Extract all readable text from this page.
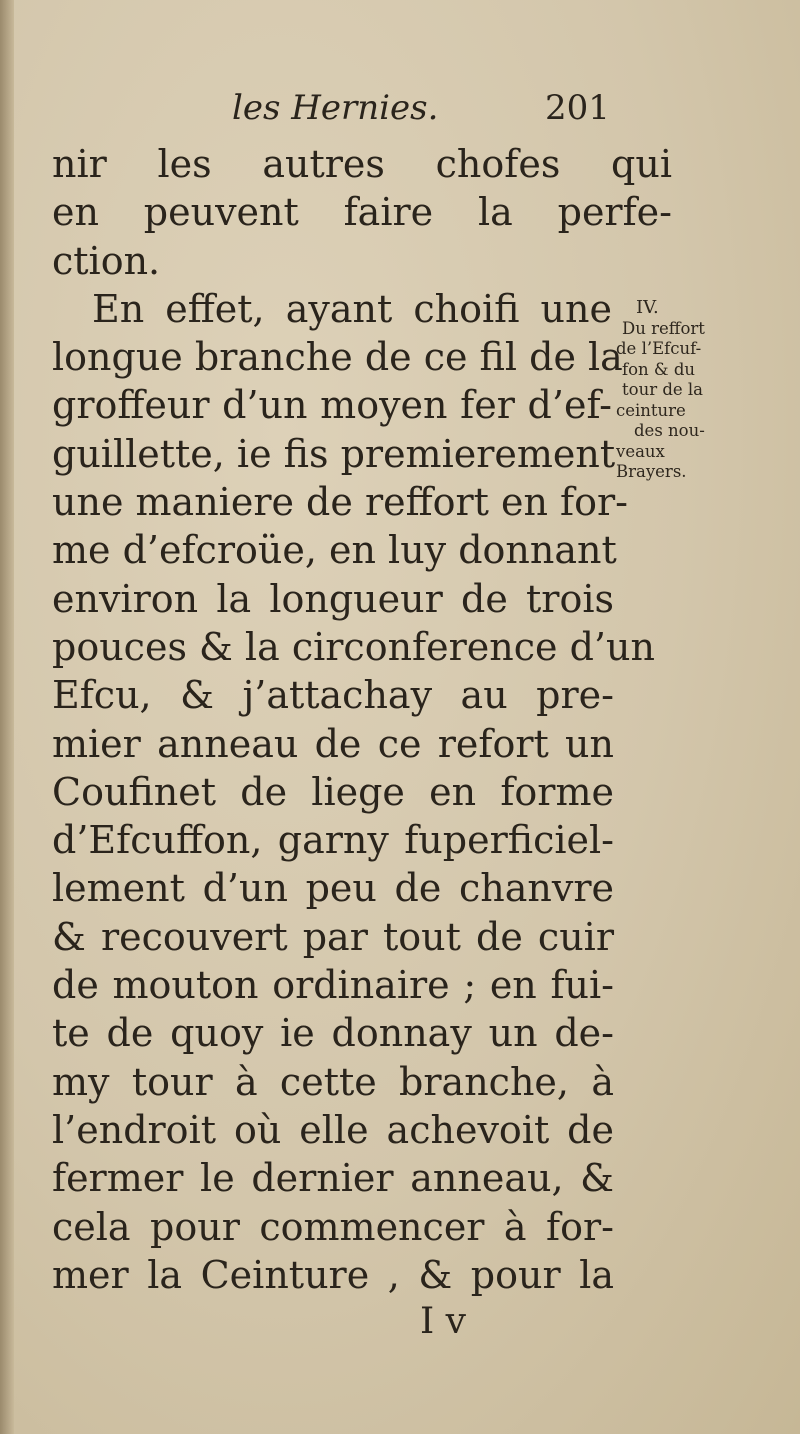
les Hernies.	201
nir les autres chofes qui
en peuvent faire la perfe-
ction.
En effet, ayant choifi une
longue branche de ce fil de la
groffeur d’un moyen fer d’ef-
guillette, ie fis premierement
une maniere de reffort en for-
me d’efcroüe, en luy donnant
environ la longueur de trois
pouces & la circonference d’un
Efcu, & j’attachay au pre-
mier anneau de ce refort un
Coufinet de liege en forme
d’Efcuffon, garny fuperficiel-
lement d’un peu de chanvre
& recouvert par tout de cuir
de mouton ordinaire ; en fui-
te de quoy ie donnay un de-
my tour à cette branche, à
l’endroit où elle achevoit de
fermer le dernier anneau, &
cela pour commencer à for-
mer la Ceinture , & pour la
IV.
Du reffort
de l’Efcuf-
fon & du
tour de la
ceinture
des nou-
veaux
Brayers.
I v
